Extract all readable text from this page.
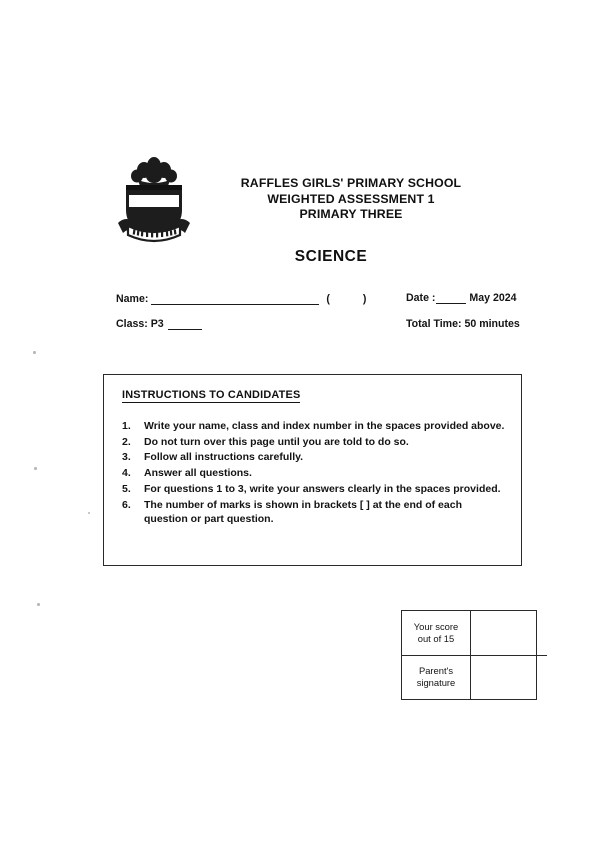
RAFFLES GIRLS' PRIMARY SCHOOL
WEIGHTED ASSESSMENT 1
PRIMARY THREE
SCIENCE
Name:	(	)
Class: P3
Date :	May 2024
Total Time: 50 minutes
INSTRUCTIONS TO CANDIDATES
1.	Write your name, class and index number in the spaces provided above.
2.	Do not turn over this page until you are told to do so.
3.	Follow all instructions carefully.
4.	Answer all questions.
5.	For questions 1 to 3, write your answers clearly in the spaces provided.
6.	The number of marks is shown in brackets [ ] at the end of each question or part question.
Your score
out of 15	
Parent's
signature	
